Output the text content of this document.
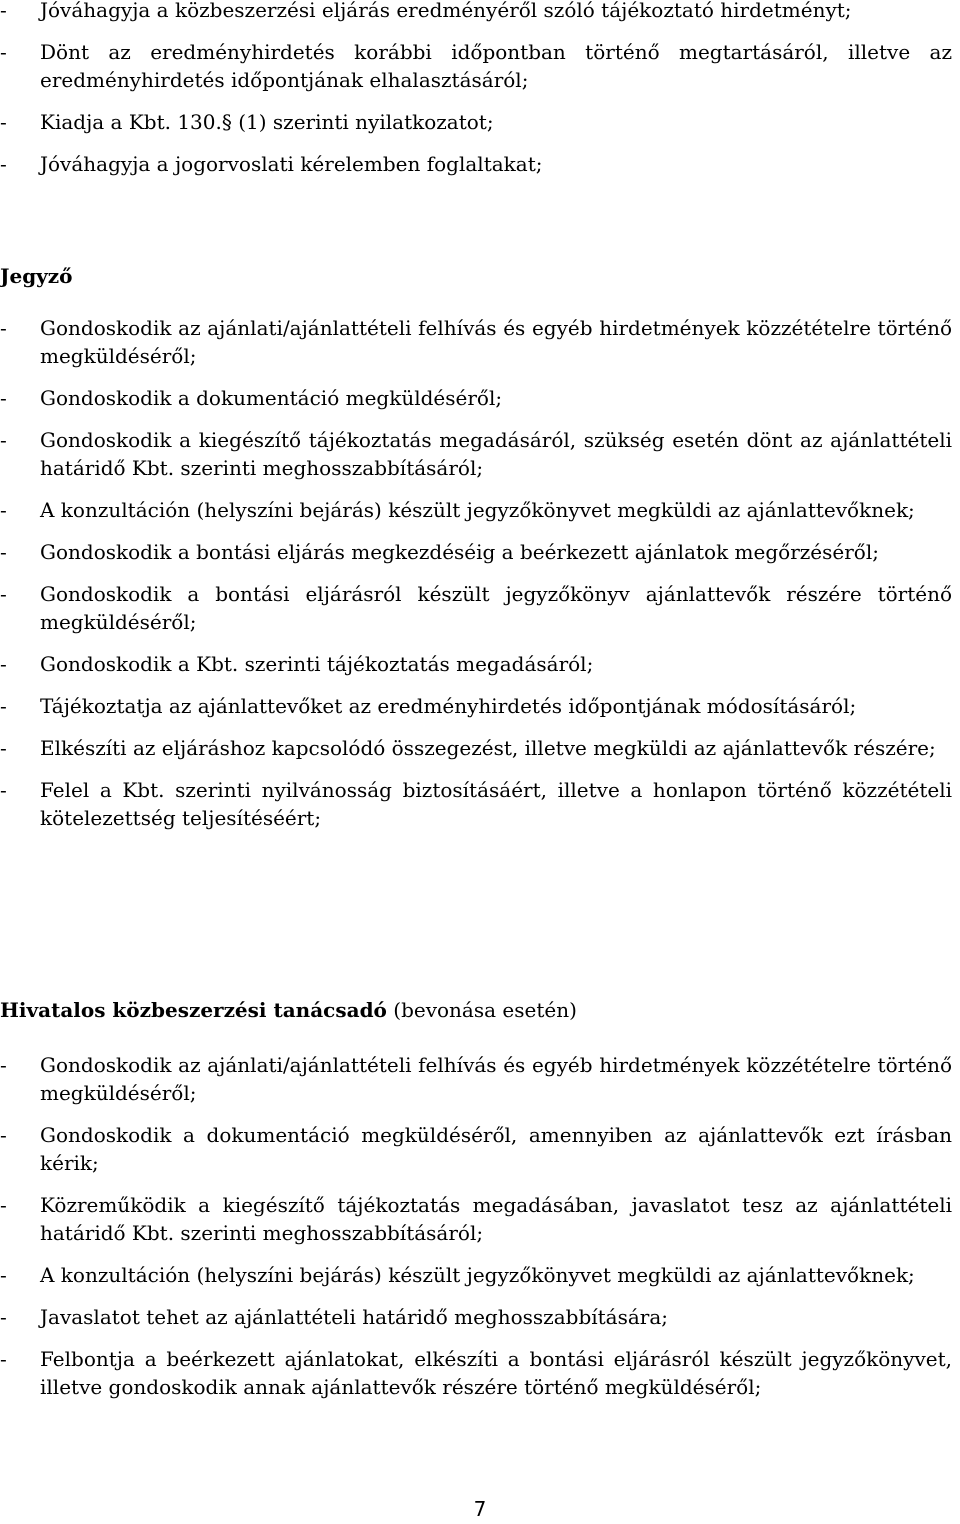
-	Jóváhagyja a közbeszerzési eljárás eredményéről szóló tájékoztató hirdetményt;
-	Dönt az eredményhirdetés korábbi időpontban történő megtartásáról, illetve az eredményhirdetés időpontjának elhalasztásáról;
-	Kiadja a Kbt. 130.§ (1) szerinti nyilatkozatot;
-	Jóváhagyja a jogorvoslati kérelemben foglaltakat;

Jegyző

-	Gondoskodik az ajánlati/ajánlattételi felhívás és egyéb hirdetmények közzétételre történő megküldéséről;
-	Gondoskodik a dokumentáció megküldéséről;
-	Gondoskodik a kiegészítő tájékoztatás megadásáról, szükség esetén dönt az ajánlattételi határidő Kbt. szerinti meghosszabbításáról;
-	A konzultáción (helyszíni bejárás) készült jegyzőkönyvet megküldi az ajánlattevőknek;
-	Gondoskodik a bontási eljárás megkezdéséig a beérkezett ajánlatok megőrzéséről;
-	Gondoskodik a bontási eljárásról készült jegyzőkönyv ajánlattevők részére történő megküldéséről;
-	Gondoskodik a Kbt. szerinti tájékoztatás megadásáról;
-	Tájékoztatja az ajánlattevőket az eredményhirdetés időpontjának módosításáról;
-	Elkészíti az eljáráshoz kapcsolódó összegezést, illetve megküldi az ajánlattevők részére;
-	Felel a Kbt. szerinti nyilvánosság biztosításáért, illetve a honlapon történő közzétételi kötelezettség teljesítéséért;

Hivatalos közbeszerzési tanácsadó (bevonása esetén)

-	Gondoskodik az ajánlati/ajánlattételi felhívás és egyéb hirdetmények közzétételre történő megküldéséről;
-	Gondoskodik a dokumentáció megküldéséről, amennyiben az ajánlattevők ezt írásban kérik;
-	Közreműködik a kiegészítő tájékoztatás megadásában, javaslatot tesz az ajánlattételi határidő Kbt. szerinti meghosszabbításáról;
-	A konzultáción (helyszíni bejárás) készült jegyzőkönyvet megküldi az ajánlattevőknek;
-	Javaslatot tehet az ajánlattételi határidő meghosszabbítására;
-	Felbontja a beérkezett ajánlatokat, elkészíti a bontási eljárásról készült jegyzőkönyvet, illetve gondoskodik annak ajánlattevők részére történő megküldéséről;
7
